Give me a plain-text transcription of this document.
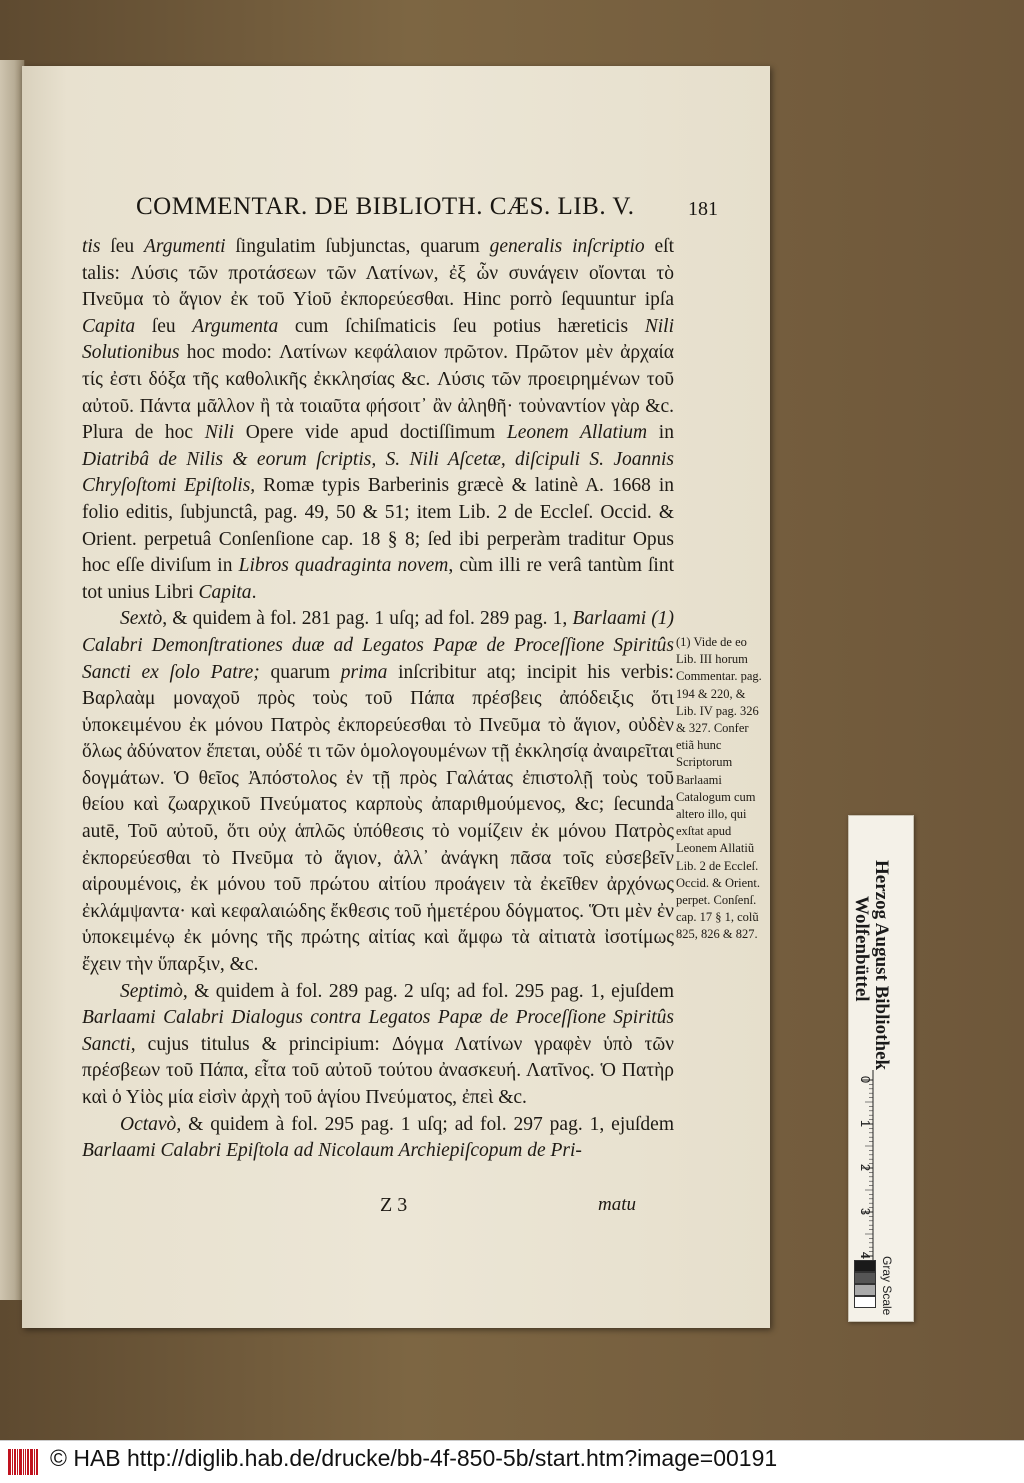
COMMENTAR. DE BIBLIOTH. CÆS. LIB. V.	181

tis ſeu Argumenti ſingulatim ſubjunctas, quarum generalis inſcriptio eſt talis: Λύσις τῶν προτάσεων τῶν Λατίνων, ἐξ ὧν συνάγειν οἴονται τὸ Πνεῦμα τὸ ἅγιον ἐκ τοῦ Υἱοῦ ἐκπορεύεσθαι. Hinc porrò ſequuntur ipſa Capita ſeu Argumenta cum ſchiſmaticis ſeu potius hæreticis Nili Solutionibus hoc modo: Λατίνων κεφάλαιον πρῶτον. Πρῶτον μὲν ἀρχαία τίς ἐστι δόξα τῆς καθολικῆς ἐκκλησίας &c. Λύσις τῶν προειρημένων τοῦ αὐτοῦ. Πάντα μᾶλλον ἢ τὰ τοιαῦτα φήσοιτ᾽ ἂν ἀληθῆ· τοὐναντίον γὰρ &c. Plura de hoc Nili Opere vide apud doctiſſimum Leonem Allatium in Diatribâ de Nilis & eorum ſcriptis, S. Nili Aſcetæ, diſcipuli S. Joannis Chryſoſtomi Epiſtolis, Romæ typis Barberinis græcè & latinè A. 1668 in folio editis, ſubjunctâ, pag. 49, 50 & 51; item Lib. 2 de Eccleſ. Occid. & Orient. perpetuâ Conſenſione cap. 18 § 8; ſed ibi perperàm traditur Opus hoc eſſe diviſum in Libros quadraginta novem, cùm illi re verâ tantùm ſint tot unius Libri Capita.

Sextò, & quidem à fol. 281 pag. 1 uſq; ad fol. 289 pag. 1, Barlaami (1) Calabri Demonſtrationes duæ ad Legatos Papæ de Proceſſione Spiritûs Sancti ex ſolo Patre; quarum prima inſcribitur atq; incipit his verbis: Βαρλαὰμ μοναχοῦ πρὸς τοὺς τοῦ Πάπα πρέσβεις ἀπόδειξις ὅτι ὑποκειμένου ἐκ μόνου Πατρὸς ἐκπορεύεσθαι τὸ Πνεῦμα τὸ ἅγιον, οὐδὲν ὅλως ἀδύνατον ἕπεται, οὐδέ τι τῶν ὁμολογουμένων τῇ ἐκκλησίᾳ ἀναιρεῖται δογμάτων. Ὁ θεῖος Ἀπόστολος ἐν τῇ πρὸς Γαλάτας ἐπιστολῇ τοὺς τοῦ θείου καὶ ζωαρχικοῦ Πνεύματος καρποὺς ἀπαριθμούμενος, &c; ſecunda autē, Τοῦ αὐτοῦ, ὅτι οὐχ ἁπλῶς ὑπόθεσις τὸ νομίζειν ἐκ μόνου Πατρὸς ἐκπορεύεσθαι τὸ Πνεῦμα τὸ ἅγιον, ἀλλ᾽ ἀνάγκη πᾶσα τοῖς εὐσεβεῖν αἱρουμένοις, ἐκ μόνου τοῦ πρώτου αἰτίου προάγειν τὰ ἐκεῖθεν ἀρχόνως ἐκλάμψαντα· καὶ κεφαλαιώδης ἔκθεσις τοῦ ἡμετέρου δόγματος. Ὅτι μὲν ἐν ὑποκειμένῳ ἐκ μόνης τῆς πρώτης αἰτίας καὶ ἄμφω τὰ αἰτιατὰ ἰσοτίμως ἔχειν τὴν ὕπαρξιν, &c.

Septimò, & quidem à fol. 289 pag. 2 uſq; ad fol. 295 pag. 1, ejuſdem Barlaami Calabri Dialogus contra Legatos Papæ de Proceſſione Spiritûs Sancti, cujus titulus & principium: Δόγμα Λατίνων γραφὲν ὑπὸ τῶν πρέσβεων τοῦ Πάπα, εἶτα τοῦ αὐτοῦ τούτου ἀνασκευή. Λατῖνος. Ὁ Πατὴρ καὶ ὁ Υἱὸς μία εἰσὶν ἀρχὴ τοῦ ἁγίου Πνεύματος, ἐπεὶ &c.

Octavò, & quidem à fol. 295 pag. 1 uſq; ad fol. 297 pag. 1, ejuſdem Barlaami Calabri Epiſtola ad Nicolaum Archiepiſcopum de Pri-

(1) Vide de eo Lib. III horum Commentar. pag. 194 & 220, & Lib. IV pag. 326 & 327. Confer etiã hunc Scriptorum Barlaami Catalogum cum altero illo, qui exſtat apud Leonem Allatiũ Lib. 2 de Eccleſ. Occid. & Orient. perpet. Conſenſ. cap. 17 § 1, colũ 825, 826 & 827.
Z 3	matu
Herzog August Bibliothek
Wolfenbüttel
Gray Scale
© HAB http://diglib.hab.de/drucke/bb-4f-850-5b/start.htm?image=00191
0
1
2
3
4
